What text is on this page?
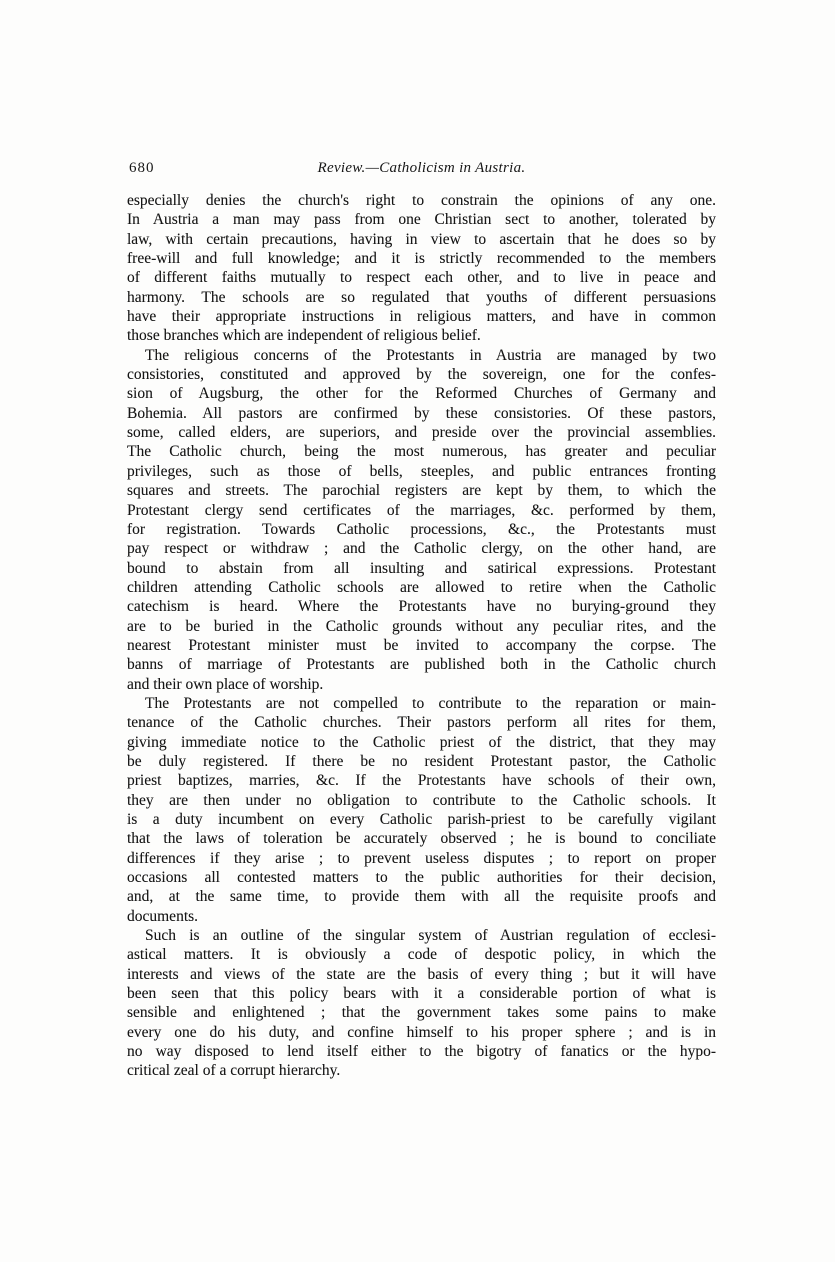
680	Review.—Catholicism in Austria.
especially denies the church's right to constrain the opinions of any one.
In Austria a man may pass from one Christian sect to another, tolerated by
law, with certain precautions, having in view to ascertain that he does so by
free-will and full knowledge; and it is strictly recommended to the members
of different faiths mutually to respect each other, and to live in peace and
harmony. The schools are so regulated that youths of different persuasions
have their appropriate instructions in religious matters, and have in common
those branches which are independent of religious belief.
The religious concerns of the Protestants in Austria are managed by two
consistories, constituted and approved by the sovereign, one for the confes-
sion of Augsburg, the other for the Reformed Churches of Germany and
Bohemia. All pastors are confirmed by these consistories. Of these pastors,
some, called elders, are superiors, and preside over the provincial assemblies.
The Catholic church, being the most numerous, has greater and peculiar
privileges, such as those of bells, steeples, and public entrances fronting
squares and streets. The parochial registers are kept by them, to which the
Protestant clergy send certificates of the marriages, &c. performed by them,
for registration. Towards Catholic processions, &c., the Protestants must
pay respect or withdraw ; and the Catholic clergy, on the other hand, are
bound to abstain from all insulting and satirical expressions. Protestant
children attending Catholic schools are allowed to retire when the Catholic
catechism is heard. Where the Protestants have no burying-ground they
are to be buried in the Catholic grounds without any peculiar rites, and the
nearest Protestant minister must be invited to accompany the corpse. The
banns of marriage of Protestants are published both in the Catholic church
and their own place of worship.
The Protestants are not compelled to contribute to the reparation or main-
tenance of the Catholic churches. Their pastors perform all rites for them,
giving immediate notice to the Catholic priest of the district, that they may
be duly registered. If there be no resident Protestant pastor, the Catholic
priest baptizes, marries, &c. If the Protestants have schools of their own,
they are then under no obligation to contribute to the Catholic schools. It
is a duty incumbent on every Catholic parish-priest to be carefully vigilant
that the laws of toleration be accurately observed ; he is bound to conciliate
differences if they arise ; to prevent useless disputes ; to report on proper
occasions all contested matters to the public authorities for their decision,
and, at the same time, to provide them with all the requisite proofs and
documents.
Such is an outline of the singular system of Austrian regulation of ecclesi-
astical matters. It is obviously a code of despotic policy, in which the
interests and views of the state are the basis of every thing ; but it will have
been seen that this policy bears with it a considerable portion of what is
sensible and enlightened ; that the government takes some pains to make
every one do his duty, and confine himself to his proper sphere ; and is in
no way disposed to lend itself either to the bigotry of fanatics or the hypo-
critical zeal of a corrupt hierarchy.
